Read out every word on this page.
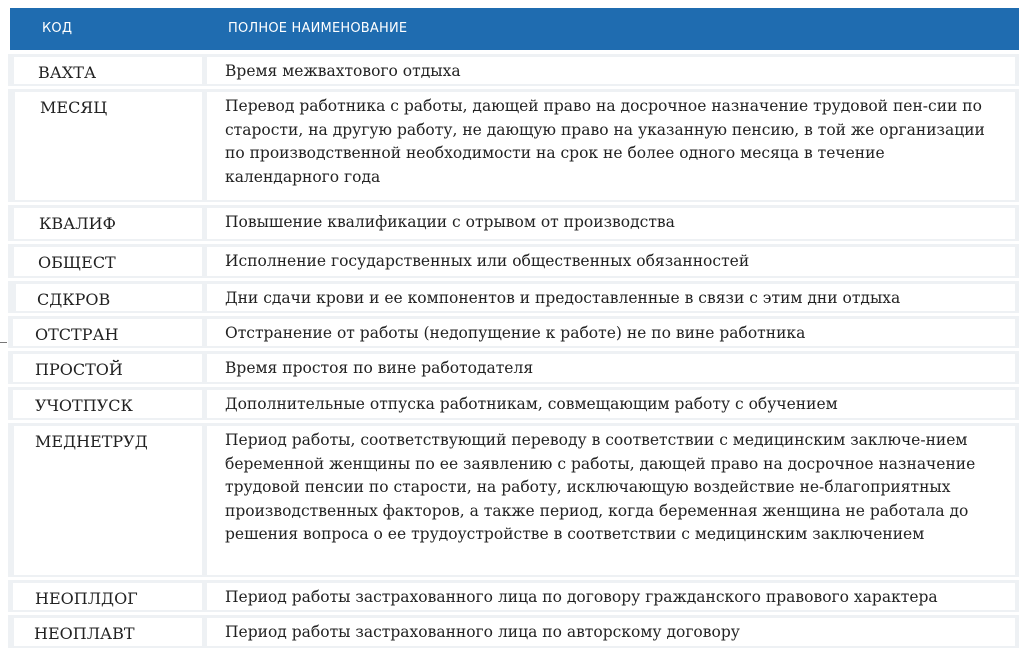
КОД	ПОЛНОЕ НАИМЕНОВАНИЕ
ВАХТА	Время межвахтового отдыха
МЕСЯЦ	Перевод работника с работы, дающей право на досрочное назначение трудовой пен-сии по старости, на другую работу, не дающую право на указанную пенсию, в той же организации по производственной необходимости на срок не более одного месяца в течение календарного года
КВАЛИФ	Повышение квалификации с отрывом от производства
ОБЩЕСТ	Исполнение государственных или общественных обязанностей
СДКРОВ	Дни сдачи крови и ее компонентов и предоставленные в связи с этим дни отдыха
ОТСТРАН	Отстранение от работы (недопущение к работе) не по вине работника
ПРОСТОЙ	Время простоя по вине работодателя
УЧОТПУСК	Дополнительные отпуска работникам, совмещающим работу с обучением
МЕДНЕТРУД	Период работы, соответствующий переводу в соответствии с медицинским заключе-нием беременной женщины по ее заявлению с работы, дающей право на досрочное назначение трудовой пенсии по старости, на работу, исключающую воздействие не-благоприятных производственных факторов, а также период, когда беременная женщина не работала до решения вопроса о ее трудоустройстве в соответствии с медицинским заключением
НЕОПЛДОГ	Период работы застрахованного лица по договору гражданского правового характера
НЕОПЛАВТ	Период работы застрахованного лица по авторскому договору
